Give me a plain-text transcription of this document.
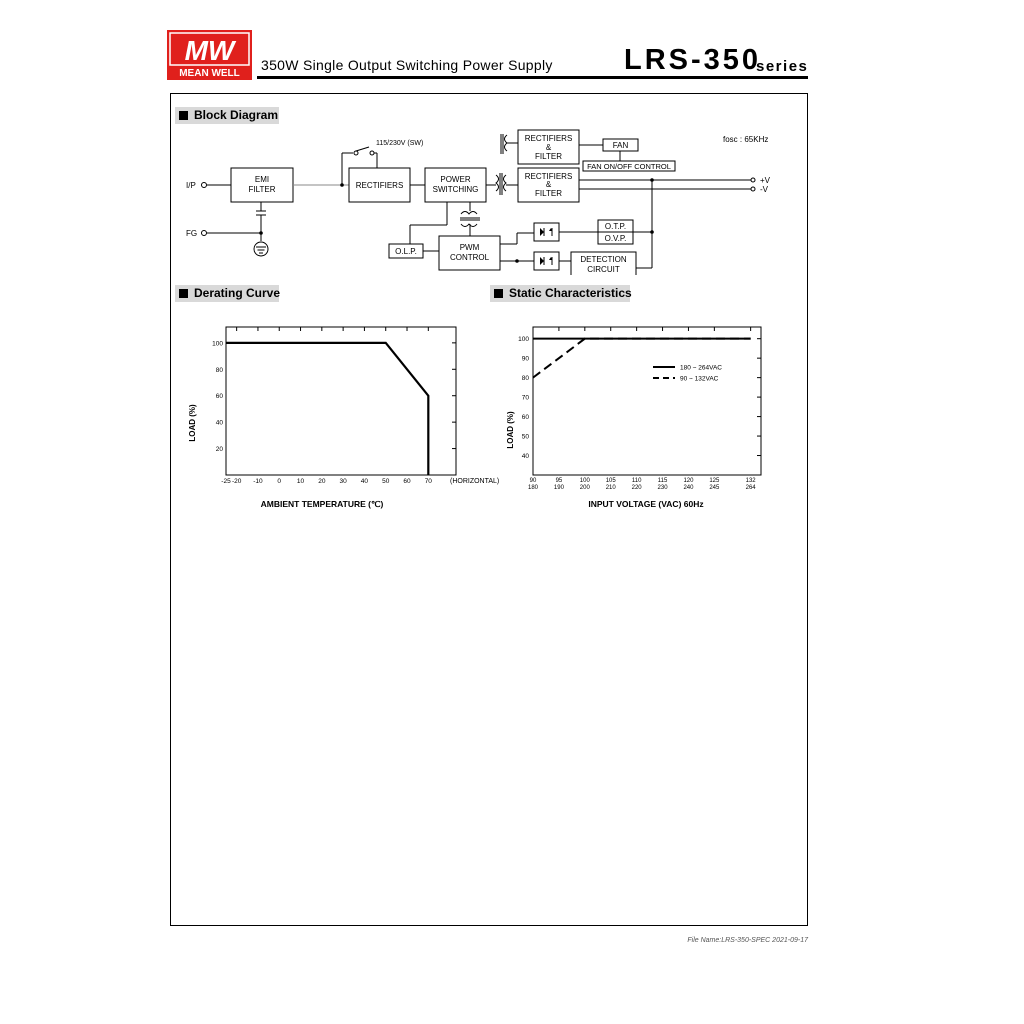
MW
MEAN WELL
350W Single Output Switching Power Supply LRS-350
series
Block Diagram
Derating Curve	Static Characteristics
fosc : 65KHz
I/P
FG
EMI
FILTER
115/230V (SW)
RECTIFIERS
POWER
SWITCHING
RECTIFIERS
&
FILTER
FAN
FAN ON/OFF CONTROL
RECTIFIERS
&
FILTER
+V
-V
O.L.P.	PWM
CONTROL
O.T.P.
O.V.P.
DETECTION
CIRCUIT
20
40
60
80
100
-25 -20 -10 0 10 20 30 40 50 60 70	(HORIZONTAL)
LOAD (%)
AMBIENT TEMPERATURE (℃)
40
50
60
70
80
90
100
90
180
95
190
100
200
105
210
110
220
115
230
120
240
125
245
132
264
180 ~ 264VAC
90 ~ 132VAC
LOAD (%)
INPUT VOLTAGE (VAC) 60Hz
File Name:LRS-350-SPEC 2021-09-17
